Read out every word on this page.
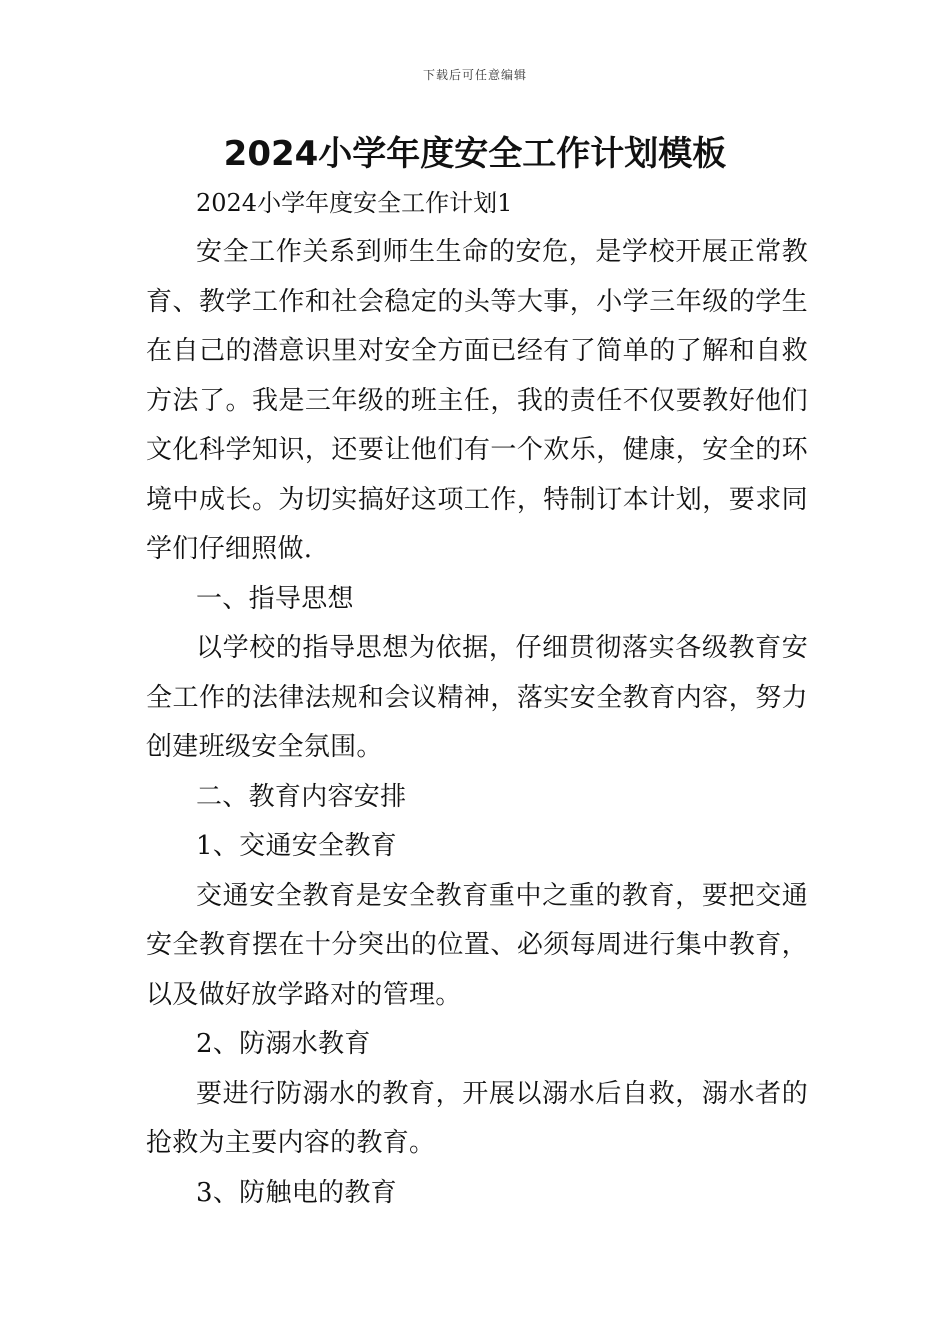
下载后可任意编辑
2024小学年度安全工作计划模板

2024小学年度安全工作计划1

安全工作关系到师生生命的安危，是学校开展正常教育、教学工作和社会稳定的头等大事，小学三年级的学生在自己的潜意识里对安全方面已经有了简单的了解和自救方法了。我是三年级的班主任，我的责任不仅要教好他们文化科学知识，还要让他们有一个欢乐，健康，安全的环境中成长。为切实搞好这项工作，特制订本计划，要求同学们仔细照做.

一、指导思想

以学校的指导思想为依据，仔细贯彻落实各级教育安全工作的法律法规和会议精神，落实安全教育内容，努力创建班级安全氛围。

二、教育内容安排

1、交通安全教育

交通安全教育是安全教育重中之重的教育，要把交通安全教育摆在十分突出的位置、必须每周进行集中教育，以及做好放学路对的管理。

2、防溺水教育

要进行防溺水的教育，开展以溺水后自救，溺水者的抢救为主要内容的教育。

3、防触电的教育
